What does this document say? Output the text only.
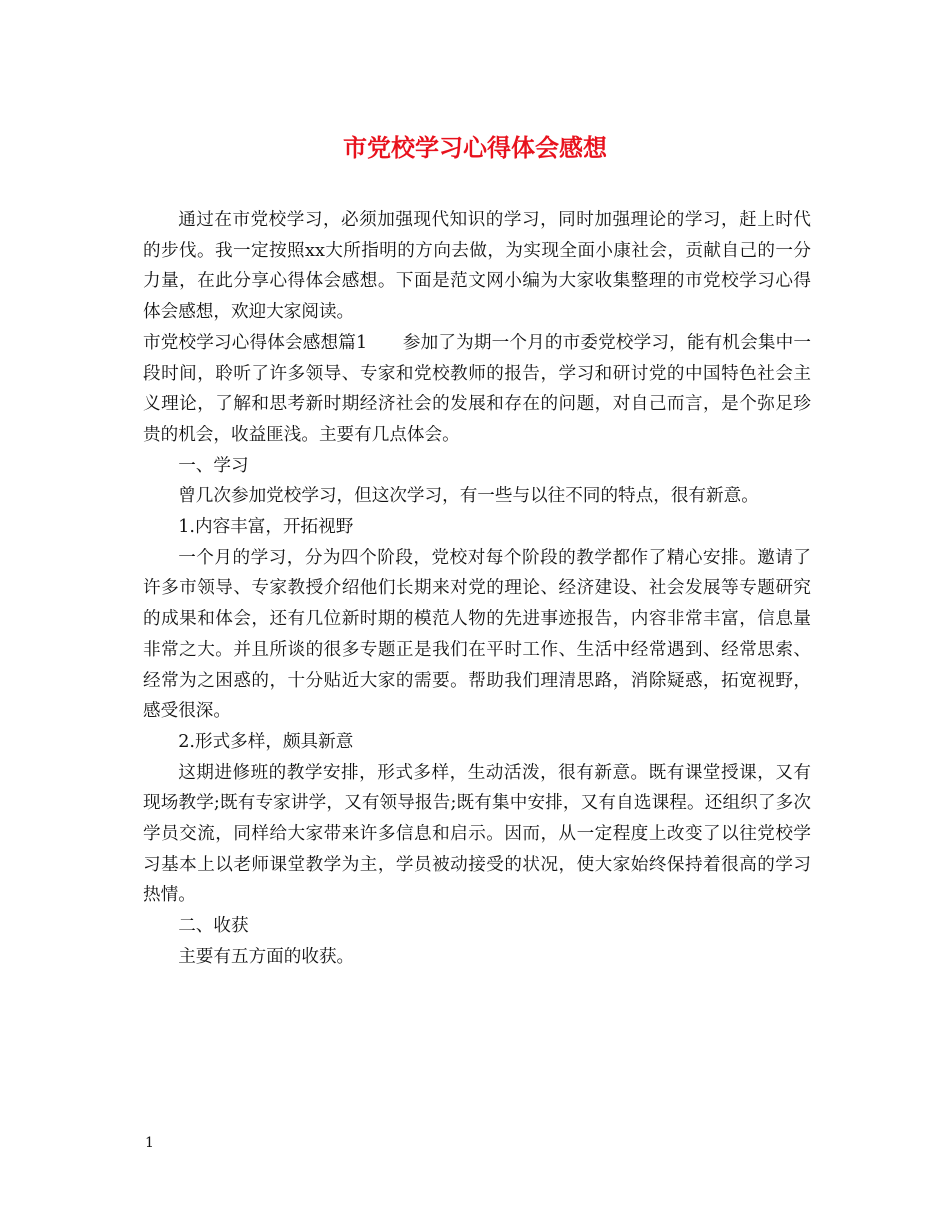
市党校学习心得体会感想

通过在市党校学习，必须加强现代知识的学习，同时加强理论的学习，赶上时代的步伐。我一定按照xx大所指明的方向去做，为实现全面小康社会，贡献自己的一分力量，在此分享心得体会感想。下面是范文网小编为大家收集整理的市党校学习心得体会感想，欢迎大家阅读。

市党校学习心得体会感想篇1　　参加了为期一个月的市委党校学习，能有机会集中一段时间，聆听了许多领导、专家和党校教师的报告，学习和研讨党的中国特色社会主义理论，了解和思考新时期经济社会的发展和存在的问题，对自己而言，是个弥足珍贵的机会，收益匪浅。主要有几点体会。

一、学习

曾几次参加党校学习，但这次学习，有一些与以往不同的特点，很有新意。

1.内容丰富，开拓视野

一个月的学习，分为四个阶段，党校对每个阶段的教学都作了精心安排。邀请了许多市领导、专家教授介绍他们长期来对党的理论、经济建设、社会发展等专题研究的成果和体会，还有几位新时期的模范人物的先进事迹报告，内容非常丰富，信息量非常之大。并且所谈的很多专题正是我们在平时工作、生活中经常遇到、经常思索、经常为之困惑的，十分贴近大家的需要。帮助我们理清思路，消除疑惑，拓宽视野，感受很深。

2.形式多样，颇具新意

这期进修班的教学安排，形式多样，生动活泼，很有新意。既有课堂授课，又有现场教学;既有专家讲学，又有领导报告;既有集中安排，又有自选课程。还组织了多次学员交流，同样给大家带来许多信息和启示。因而，从一定程度上改变了以往党校学习基本上以老师课堂教学为主，学员被动接受的状况，使大家始终保持着很高的学习热情。

二、收获

主要有五方面的收获。

1
